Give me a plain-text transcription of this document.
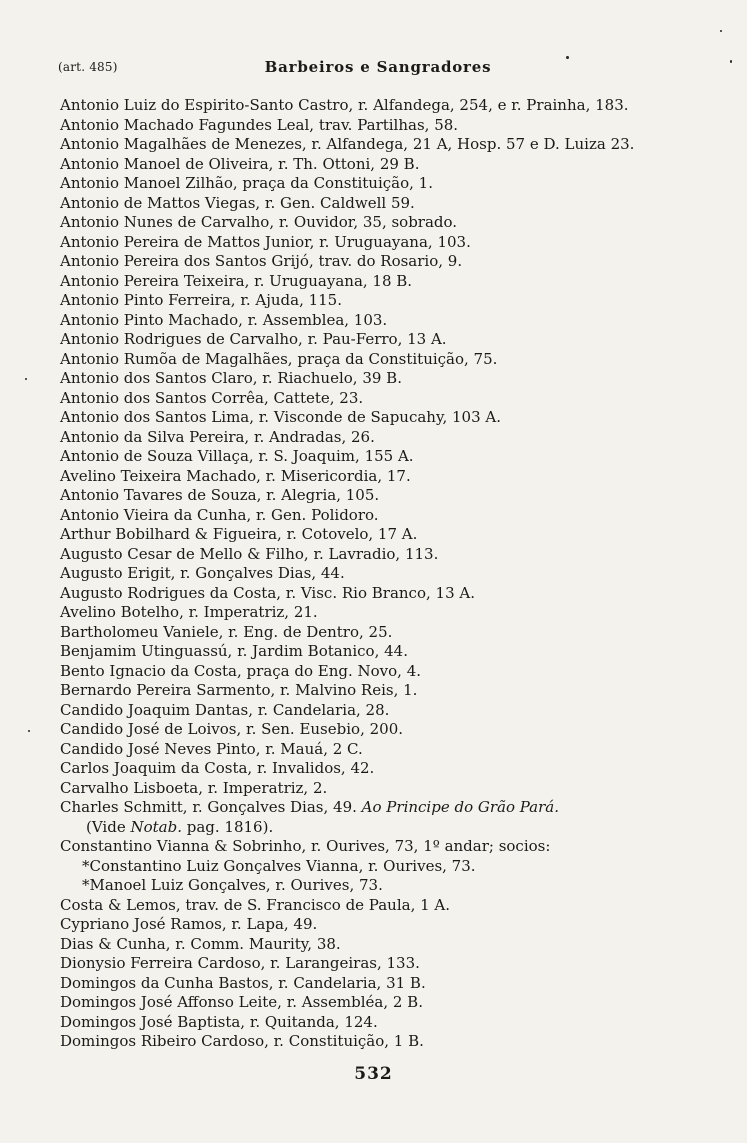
(art. 485)	Barbeiros e Sangradores
Antonio Luiz do Espirito-Santo Castro, r. Alfandega, 254, e r. Prainha, 183.
Antonio Machado Fagundes Leal, trav. Partilhas, 58.
Antonio Magalhães de Menezes, r. Alfandega, 21 A, Hosp. 57 e D. Luiza 23.
Antonio Manoel de Oliveira, r. Th. Ottoni, 29 B.
Antonio Manoel Zilhão, praça da Constituição, 1.
Antonio de Mattos Viegas, r. Gen. Caldwell 59.
Antonio Nunes de Carvalho, r. Ouvidor, 35, sobrado.
Antonio Pereira de Mattos Junior, r. Uruguayana, 103.
Antonio Pereira dos Santos Grijó, trav. do Rosario, 9.
Antonio Pereira Teixeira, r. Uruguayana, 18 B.
Antonio Pinto Ferreira, r. Ajuda, 115.
Antonio Pinto Machado, r. Assemblea, 103.
Antonio Rodrigues de Carvalho, r. Pau-Ferro, 13 A.
Antonio Rumõa de Magalhães, praça da Constituição, 75.
Antonio dos Santos Claro, r. Riachuelo, 39 B.
Antonio dos Santos Corrêa, Cattete, 23.
Antonio dos Santos Lima, r. Visconde de Sapucahy, 103 A.
Antonio da Silva Pereira, r. Andradas, 26.
Antonio de Souza Villaça, r. S. Joaquim, 155 A.
Avelino Teixeira Machado, r. Misericordia, 17.
Antonio Tavares de Souza, r. Alegria, 105.
Antonio Vieira da Cunha, r. Gen. Polidoro.
Arthur Bobilhard & Figueira, r. Cotovelo, 17 A.
Augusto Cesar de Mello & Filho, r. Lavradio, 113.
Augusto Erigit, r. Gonçalves Dias, 44.
Augusto Rodrigues da Costa, r. Visc. Rio Branco, 13 A.
Avelino Botelho, r. Imperatriz, 21.
Bartholomeu Vaniele, r. Eng. de Dentro, 25.
Benjamim Utinguassú, r. Jardim Botanico, 44.
Bento Ignacio da Costa, praça do Eng. Novo, 4.
Bernardo Pereira Sarmento, r. Malvino Reis, 1.
Candido Joaquim Dantas, r. Candelaria, 28.
Candido José de Loivos, r. Sen. Eusebio, 200.
Candido José Neves Pinto, r. Mauá, 2 C.
Carlos Joaquim da Costa, r. Invalidos, 42.
Carvalho Lisboeta, r. Imperatriz, 2.
Charles Schmitt, r. Gonçalves Dias, 49. Ao Principe do Grão Pará.
(Vide Notab. pag. 1816).
Constantino Vianna & Sobrinho, r. Ourives, 73, 1º andar; socios:
*Constantino Luiz Gonçalves Vianna, r. Ourives, 73.
*Manoel Luiz Gonçalves, r. Ourives, 73.
Costa & Lemos, trav. de S. Francisco de Paula, 1 A.
Cypriano José Ramos, r. Lapa, 49.
Dias & Cunha, r. Comm. Maurity, 38.
Dionysio Ferreira Cardoso, r. Larangeiras, 133.
Domingos da Cunha Bastos, r. Candelaria, 31 B.
Domingos José Affonso Leite, r. Assembléa, 2 B.
Domingos José Baptista, r. Quitanda, 124.
Domingos Ribeiro Cardoso, r. Constituição, 1 B.
532
